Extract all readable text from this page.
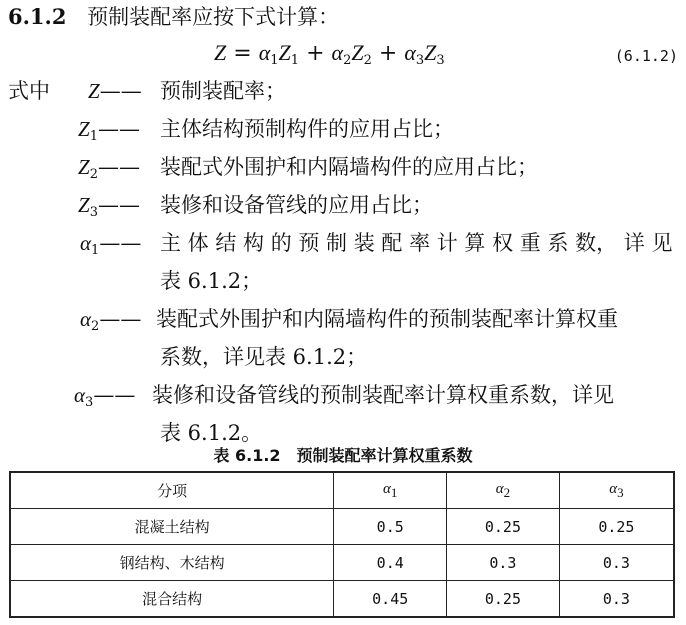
6.1.2 预制装配率应按下式计算：
$Z = \alpha_1Z_1 + \alpha_2Z_2 + \alpha_3Z_3$	(6.1.2)
式中 Z—— 预制装配率；
$Z_1——$ 主体结构预制构件的应用占比；
$Z_2——$ 装配式外围护和内隔墙构件的应用占比；
$Z_3——$ 装修和设备管线的应用占比；
$\alpha_1——$ 主 体 结 构 的 预 制 装 配 率 计 算 权 重 系 数， 详 见
表 6.1.2；
$\alpha_2——$ 装配式外围护和内隔墙构件的预制装配率计算权重
系数，详见表 6.1.2；
$\alpha_3——$ 装修和设备管线的预制装配率计算权重系数，详见
表 6.1.2。
表 6.1.2　预制装配率计算权重系数
分项	α1	α2	α3
混凝土结构	0.5	0.25	0.25
钢结构、木结构	0.4	0.3	0.3
混合结构	0.45	0.25	0.3
